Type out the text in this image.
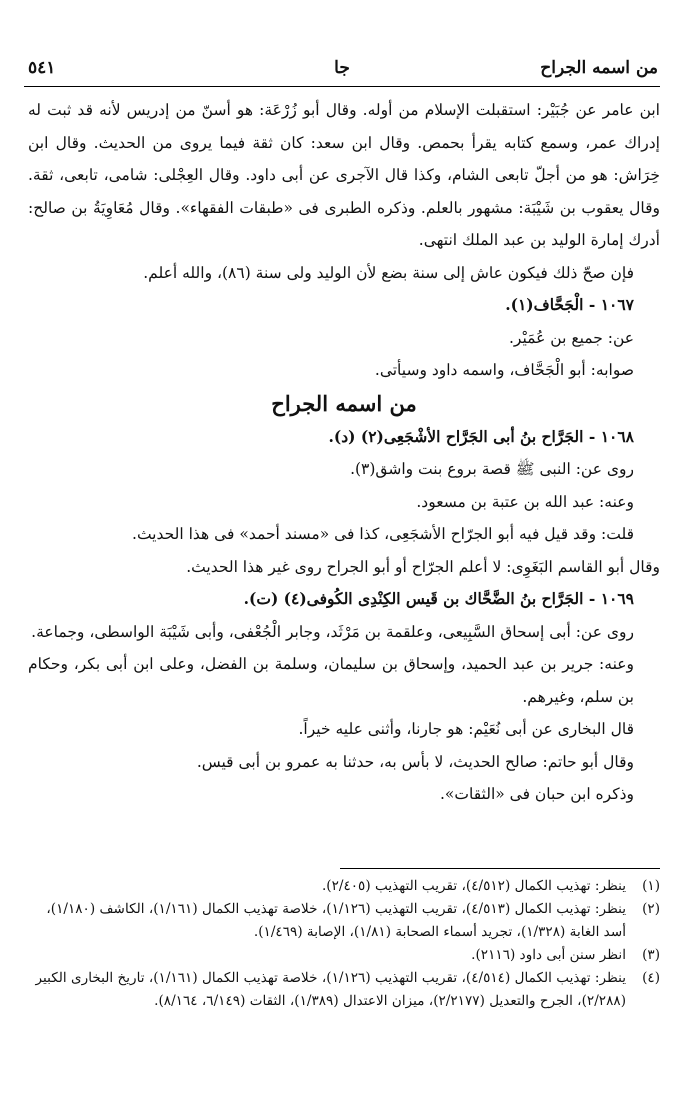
من اسمه الجراح
جا
٥٤١

ابن عامر عن جُبَيْر: استقبلت الإسلام من أوله. وقال أبو زُرْعَة: هو أسنّ من إدريس لأنه قد ثبت له إدراك عمر، وسمع كتابه يقرأ بحمص. وقال ابن سعد: كان ثقة فيما يروى من الحديث. وقال ابن خِرَاش: هو من أجلّ تابعى الشام، وكذا قال الآجرى عن أبى داود. وقال العِجْلى: شامى، تابعى، ثقة. وقال يعقوب بن شَيْبَة: مشهور بالعلم. وذكره الطبرى فى «طبقات الفقهاء». وقال مُعَاوِيَةُ بن صالح: أدرك إمارة الوليد بن عبد الملك انتهى.

فإن صحّ ذلك فيكون عاش إلى سنة بضع لأن الوليد ولى سنة (٨٦)، والله أعلم.

١٠٦٧ - الْجَحَّاف(١).

عن: جميع بن عُمَيْر.

صوابه: أبو الْجَحَّاف، واسمه داود وسيأتى.

من اسمه الجراح

١٠٦٨ - الجَرَّاح بنُ أبى الجَرَّاح الأشْجَعِى(٢) (د).

روى عن: النبى ﷺ قصة بروع بنت واشق(٣).

وعنه: عبد الله بن عتبة بن مسعود.

قلت: وقد قيل فيه أبو الجرّاح الأشجَعِى، كذا فى «مسند أحمد» فى هذا الحديث.

وقال أبو القاسم البَغَوِى: لا أعلم الجرّاح أو أبو الجراح روى غير هذا الحديث.

١٠٦٩ - الجَرَّاح بنُ الضَّحَّاك بن قَيس الكِنْدِى الكُوفى(٤) (ت).

روى عن: أبى إسحاق السَّبِيعى، وعلقمة بن مَرْثَد، وجابر الْجُعْفى، وأبى شَيْبَة الواسطى، وجماعة.

وعنه: جرير بن عبد الحميد، وإسحاق بن سليمان، وسلمة بن الفضل، وعلى ابن أبى بكر، وحكام بن سلم، وغيرهم.

قال البخارى عن أبى نُعَيْم: هو جارنا، وأثنى عليه خيراً.

وقال أبو حاتم: صالح الحديث، لا بأس به، حدثنا به عمرو بن أبى قيس.

وذكره ابن حبان فى «الثقات».

(١)
ينظر: تهذيب الكمال (٤/٥١٢)، تقريب التهذيب (٢/٤٠٥).
(٢)
ينظر: تهذيب الكمال (٤/٥١٣)، تقريب التهذيب (١/١٢٦)، خلاصة تهذيب الكمال (١/١٦١)، الكاشف (١/١٨٠)، أسد الغابة (١/٣٢٨)، تجريد أسماء الصحابة (١/٨١)، الإصابة (١/٤٦٩).
(٣)
انظر سنن أبى داود (٢١١٦).
(٤)
ينظر: تهذيب الكمال (٤/٥١٤)، تقريب التهذيب (١/١٢٦)، خلاصة تهذيب الكمال (١/١٦١)، تاريخ البخارى الكبير (٢/٢٨٨)، الجرح والتعديل (٢/٢١٧٧)، ميزان الاعتدال (١/٣٨٩)، الثقات (٦/١٤٩، ٨/١٦٤).
